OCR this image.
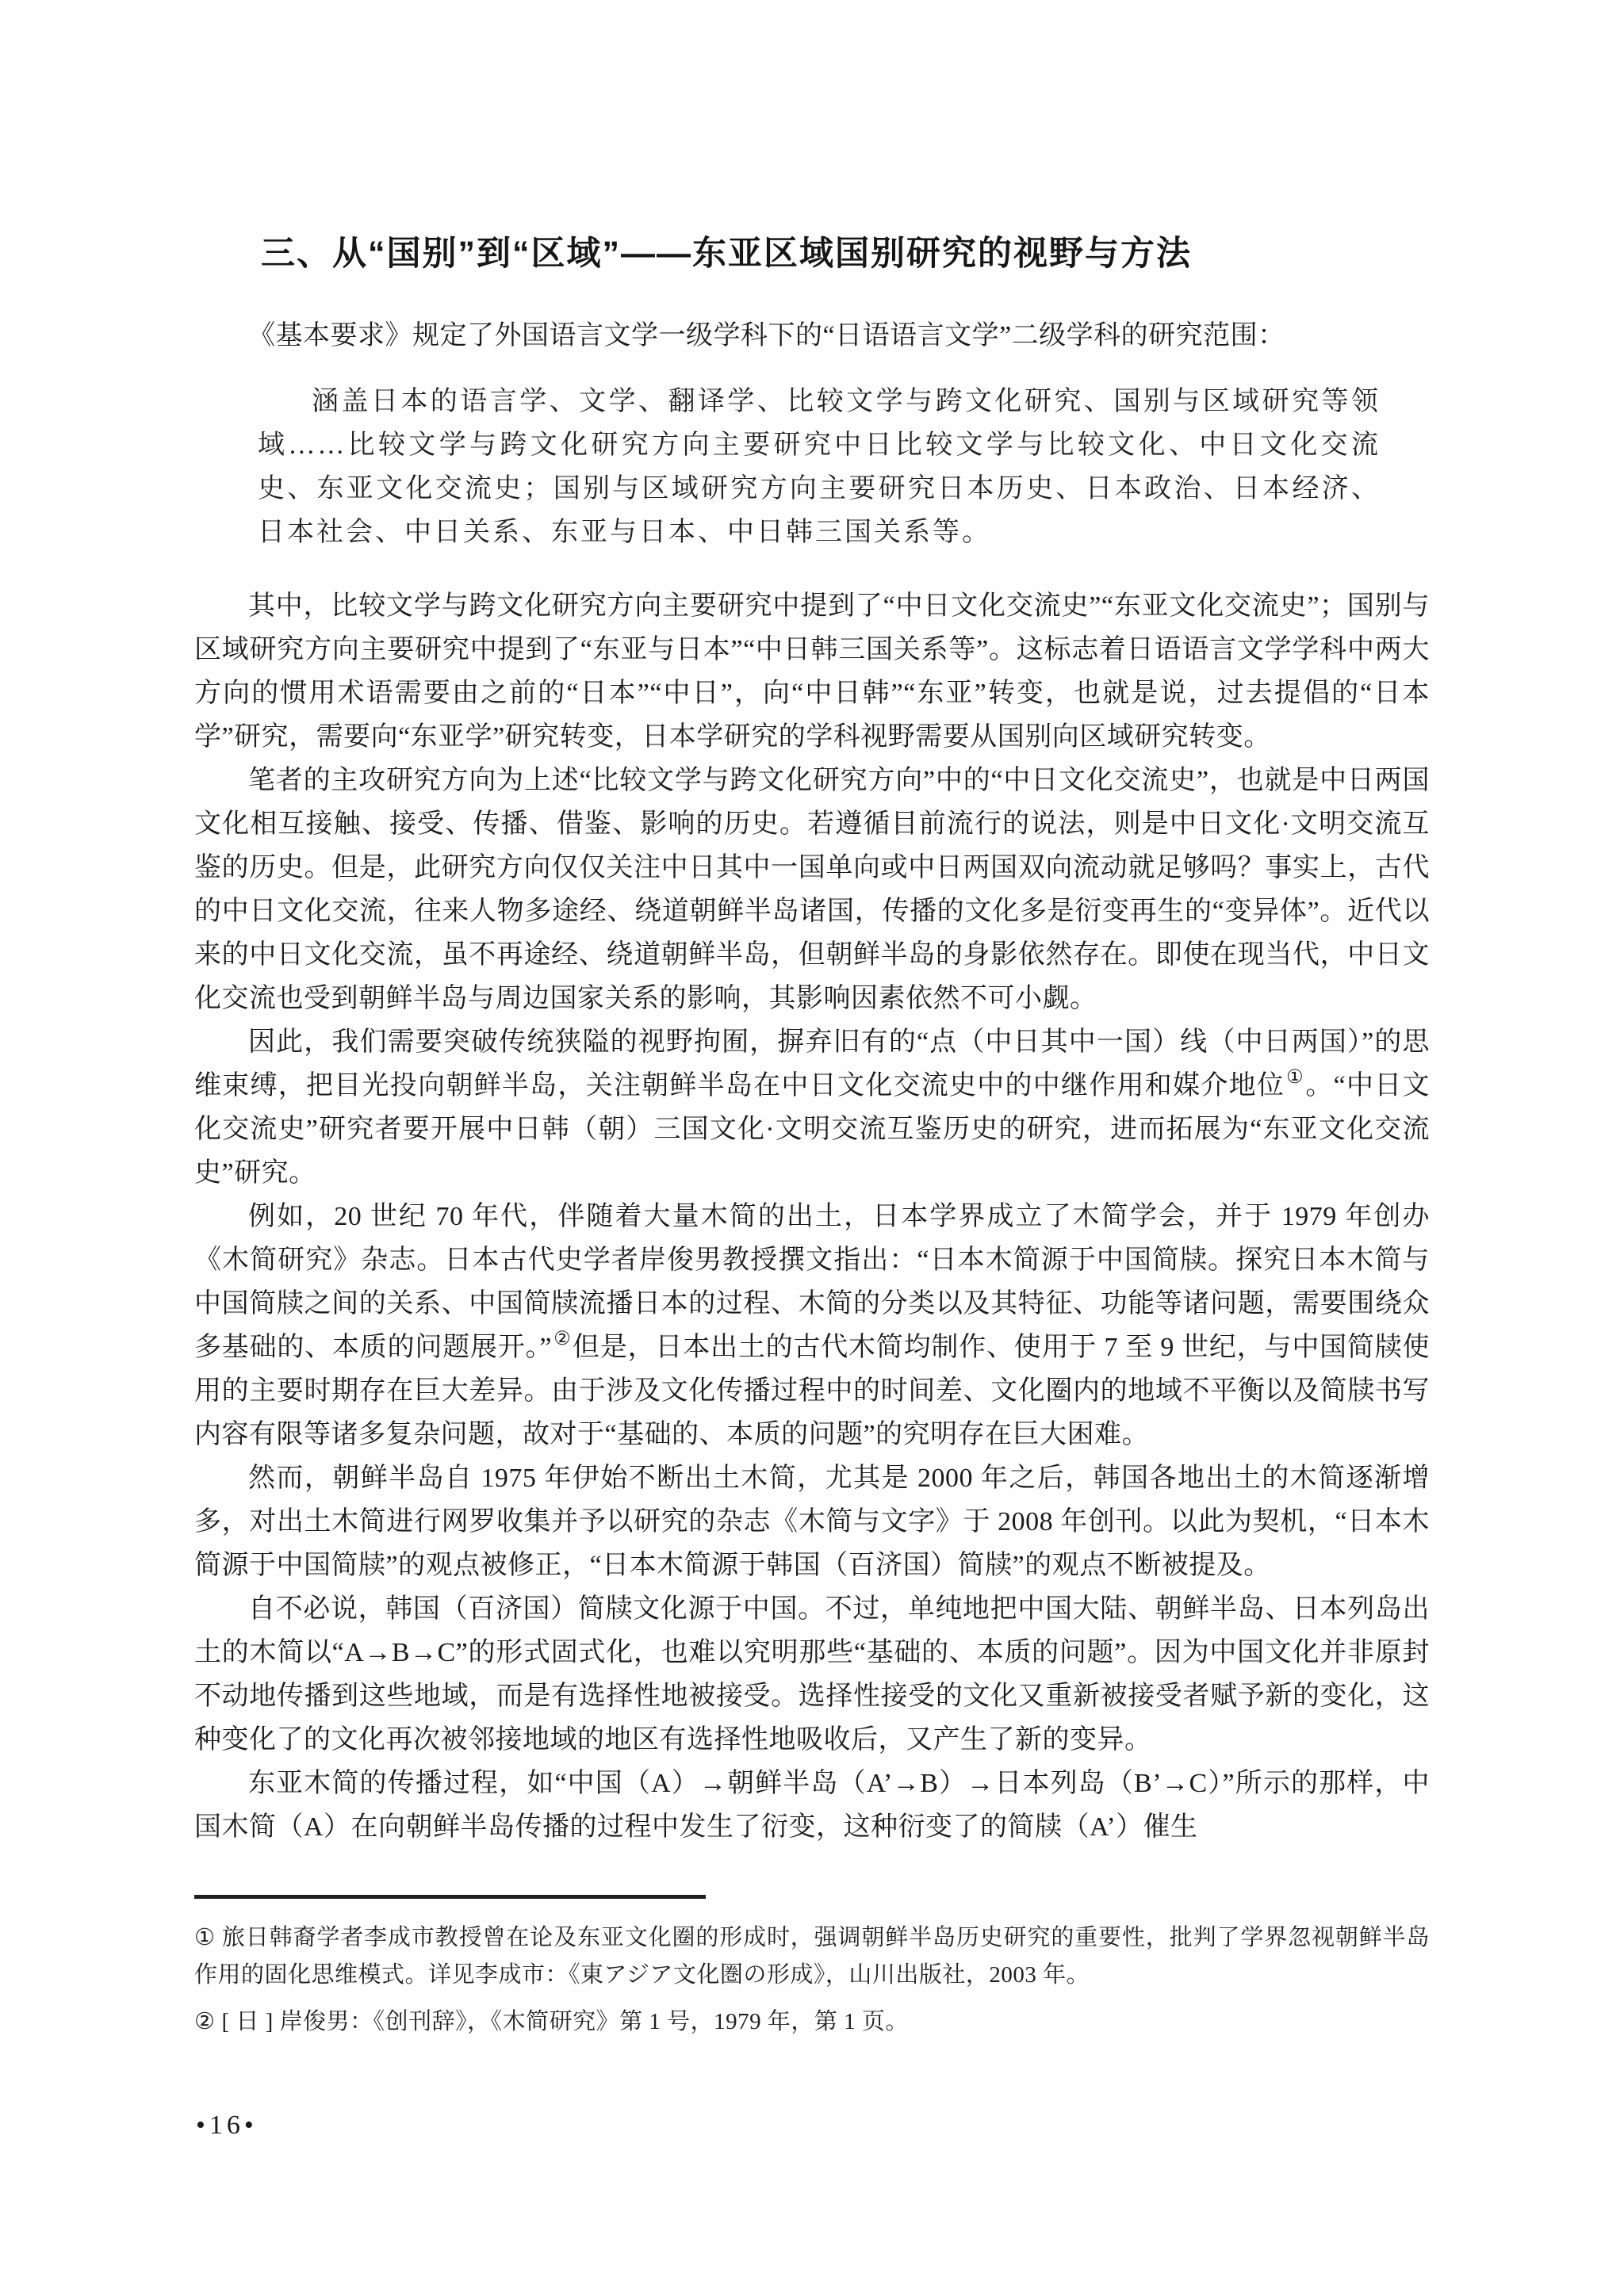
三、从“国别”到“区域”——东亚区域国别研究的视野与方法

《基本要求》规定了外国语言文学一级学科下的“日语语言文学”二级学科的研究范围：

涵盖日本的语言学、文学、翻译学、比较文学与跨文化研究、国别与区域研究等领域……比较文学与跨文化研究方向主要研究中日比较文学与比较文化、中日文化交流史、东亚文化交流史；国别与区域研究方向主要研究日本历史、日本政治、日本经济、日本社会、中日关系、东亚与日本、中日韩三国关系等。

其中，比较文学与跨文化研究方向主要研究中提到了“中日文化交流史”“东亚文化交流史”；国别与区域研究方向主要研究中提到了“东亚与日本”“中日韩三国关系等”。这标志着日语语言文学学科中两大方向的惯用术语需要由之前的“日本”“中日”，向“中日韩”“东亚”转变，也就是说，过去提倡的“日本学”研究，需要向“东亚学”研究转变，日本学研究的学科视野需要从国别向区域研究转变。

笔者的主攻研究方向为上述“比较文学与跨文化研究方向”中的“中日文化交流史”，也就是中日两国文化相互接触、接受、传播、借鉴、影响的历史。若遵循目前流行的说法，则是中日文化·文明交流互鉴的历史。但是，此研究方向仅仅关注中日其中一国单向或中日两国双向流动就足够吗？事实上，古代的中日文化交流，往来人物多途经、绕道朝鲜半岛诸国，传播的文化多是衍变再生的“变异体”。近代以来的中日文化交流，虽不再途经、绕道朝鲜半岛，但朝鲜半岛的身影依然存在。即使在现当代，中日文化交流也受到朝鲜半岛与周边国家关系的影响，其影响因素依然不可小觑。

因此，我们需要突破传统狭隘的视野拘囿，摒弃旧有的“点（中日其中一国）线（中日两国）”的思维束缚，把目光投向朝鲜半岛，关注朝鲜半岛在中日文化交流史中的中继作用和媒介地位①。“中日文化交流史”研究者要开展中日韩（朝）三国文化·文明交流互鉴历史的研究，进而拓展为“东亚文化交流史”研究。

例如，20 世纪 70 年代，伴随着大量木简的出土，日本学界成立了木简学会，并于 1979 年创办《木简研究》杂志。日本古代史学者岸俊男教授撰文指出：“日本木简源于中国简牍。探究日本木简与中国简牍之间的关系、中国简牍流播日本的过程、木简的分类以及其特征、功能等诸问题，需要围绕众多基础的、本质的问题展开。”②但是，日本出土的古代木简均制作、使用于 7 至 9 世纪，与中国简牍使用的主要时期存在巨大差异。由于涉及文化传播过程中的时间差、文化圈内的地域不平衡以及简牍书写内容有限等诸多复杂问题，故对于“基础的、本质的问题”的究明存在巨大困难。

然而，朝鲜半岛自 1975 年伊始不断出土木简，尤其是 2000 年之后，韩国各地出土的木简逐渐增多，对出土木简进行网罗收集并予以研究的杂志《木简与文字》于 2008 年创刊。以此为契机，“日本木简源于中国简牍”的观点被修正，“日本木简源于韩国（百济国）简牍”的观点不断被提及。

自不必说，韩国（百济国）简牍文化源于中国。不过，单纯地把中国大陆、朝鲜半岛、日本列岛出土的木简以“A→B→C”的形式固式化，也难以究明那些“基础的、本质的问题”。因为中国文化并非原封不动地传播到这些地域，而是有选择性地被接受。选择性接受的文化又重新被接受者赋予新的变化，这种变化了的文化再次被邻接地域的地区有选择性地吸收后，又产生了新的变异。

东亚木简的传播过程，如“中国（A）→朝鲜半岛（A’→B）→日本列岛（B’→C）”所示的那样，中国木简（A）在向朝鲜半岛传播的过程中发生了衍变，这种衍变了的简牍（A’）催生

① 旅日韩裔学者李成市教授曾在论及东亚文化圈的形成时，强调朝鲜半岛历史研究的重要性，批判了学界忽视朝鲜半岛作用的固化思维模式。详见李成市：《東アジア文化圏の形成》，山川出版社，2003 年。
② [ 日 ] 岸俊男：《创刊辞》，《木简研究》第 1 号，1979 年，第 1 页。
•16•
